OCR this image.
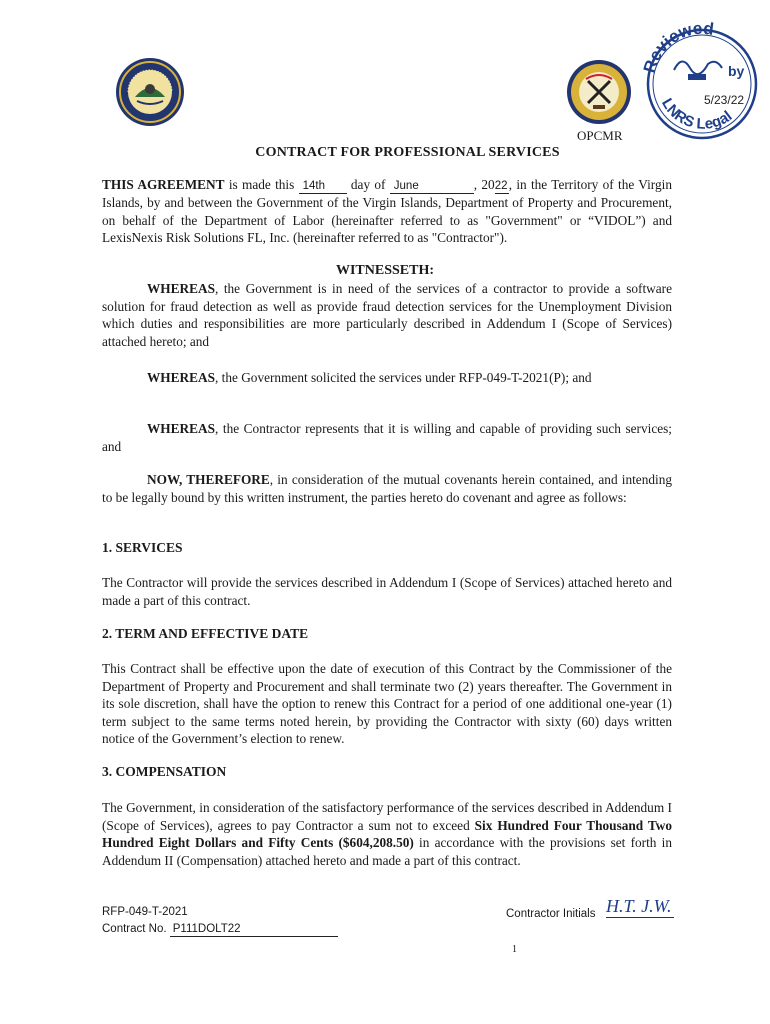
OPCMR
Reviewed
LNRS Legal
by
5/23/22
CONTRACT FOR PROFESSIONAL SERVICES

THIS AGREEMENT is made this 14th day of June	, 2022, in the Territory of the Virgin Islands, by and between the Government of the Virgin Islands, Department of Property and Procurement, on behalf of the Department of Labor (hereinafter referred to as "Government" or “VIDOL”) and LexisNexis Risk Solutions FL, Inc. (hereinafter referred to as "Contractor").

WITNESSETH:

WHEREAS, the Government is in need of the services of a contractor to provide a software solution for fraud detection as well as provide fraud detection services for the Unemployment Division which duties and responsibilities are more particularly described in Addendum I (Scope of Services) attached hereto; and

WHEREAS, the Government solicited the services under RFP-049-T-2021(P); and

WHEREAS, the Contractor represents that it is willing and capable of providing such services; and

NOW, THEREFORE, in consideration of the mutual covenants herein contained, and intending to be legally bound by this written instrument, the parties hereto do covenant and agree as follows:

1. SERVICES

The Contractor will provide the services described in Addendum I (Scope of Services) attached hereto and made a part of this contract.

2. TERM AND EFFECTIVE DATE

This Contract shall be effective upon the date of execution of this Contract by the Commissioner of the Department of Property and Procurement and shall terminate two (2) years thereafter. The Government in its sole discretion, shall have the option to renew this Contract for a period of one additional one-year (1) term subject to the same terms noted herein, by providing the Contractor with sixty (60) days written notice of the Government’s election to renew.

3. COMPENSATION

The Government, in consideration of the satisfactory performance of the services described in Addendum I (Scope of Services), agrees to pay Contractor a sum not to exceed Six Hundred Four Thousand Two Hundred Eight Dollars and Fifty Cents ($604,208.50) in accordance with the provisions set forth in Addendum II (Compensation) attached hereto and made a part of this contract.

RFP-049-T-2021
Contract No. P111DOLT22
Contractor Initials H.T. J.W.
1
